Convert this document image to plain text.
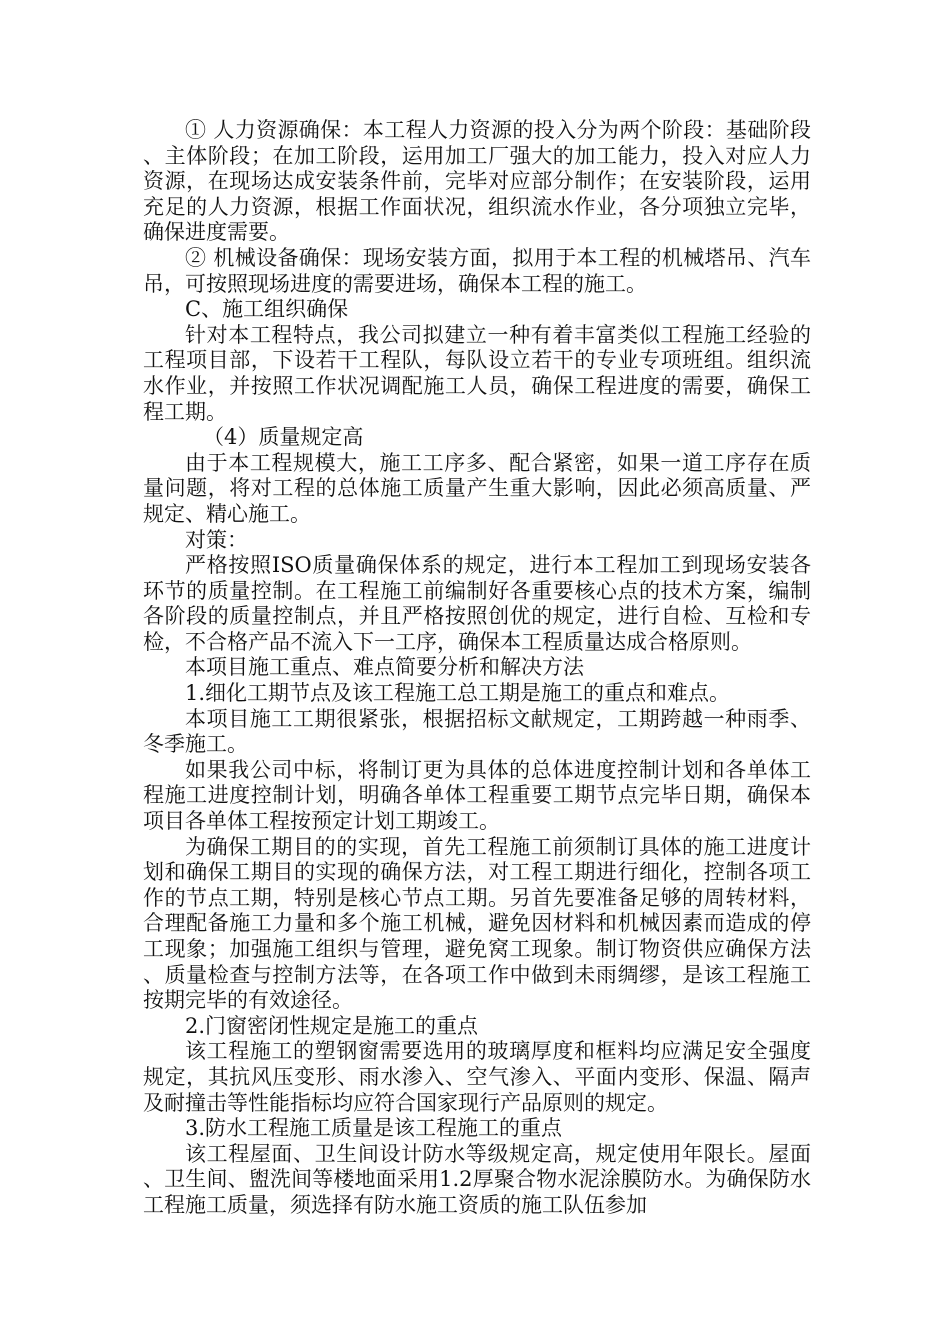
① 人力资源确保：本工程人力资源的投入分为两个阶段：基础阶段、主体阶段；在加工阶段，运用加工厂强大的加工能力，投入对应人力资源，在现场达成安装条件前，完毕对应部分制作；在安装阶段，运用充足的人力资源，根据工作面状况，组织流水作业，各分项独立完毕，确保进度需要。

② 机械设备确保：现场安装方面，拟用于本工程的机械塔吊、汽车吊，可按照现场进度的需要进场，确保本工程的施工。

C、施工组织确保

针对本工程特点，我公司拟建立一种有着丰富类似工程施工经验的工程项目部，下设若干工程队，每队设立若干的专业专项班组。组织流水作业，并按照工作状况调配施工人员，确保工程进度的需要，确保工程工期。

（4）质量规定高

由于本工程规模大，施工工序多、配合紧密，如果一道工序存在质量问题，将对工程的总体施工质量产生重大影响，因此必须高质量、严规定、精心施工。

对策：

严格按照ISO质量确保体系的规定，进行本工程加工到现场安装各环节的质量控制。在工程施工前编制好各重要核心点的技术方案，编制各阶段的质量控制点，并且严格按照创优的规定，进行自检、互检和专检，不合格产品不流入下一工序，确保本工程质量达成合格原则。

本项目施工重点、难点简要分析和解决方法

1.细化工期节点及该工程施工总工期是施工的重点和难点。

本项目施工工期很紧张，根据招标文献规定，工期跨越一种雨季、冬季施工。

如果我公司中标，将制订更为具体的总体进度控制计划和各单体工程施工进度控制计划，明确各单体工程重要工期节点完毕日期，确保本项目各单体工程按预定计划工期竣工。

为确保工期目的的实现，首先工程施工前须制订具体的施工进度计划和确保工期目的实现的确保方法，对工程工期进行细化，控制各项工作的节点工期，特别是核心节点工期。另首先要准备足够的周转材料，合理配备施工力量和多个施工机械，避免因材料和机械因素而造成的停工现象；加强施工组织与管理，避免窝工现象。制订物资供应确保方法、质量检查与控制方法等，在各项工作中做到未雨绸缪，是该工程施工按期完毕的有效途径。

2.门窗密闭性规定是施工的重点

该工程施工的塑钢窗需要选用的玻璃厚度和框料均应满足安全强度规定，其抗风压变形、雨水渗入、空气渗入、平面内变形、保温、隔声及耐撞击等性能指标均应符合国家现行产品原则的规定。

3.防水工程施工质量是该工程施工的重点

该工程屋面、卫生间设计防水等级规定高，规定使用年限长。屋面、卫生间、盥洗间等楼地面采用1.2厚聚合物水泥涂膜防水。为确保防水工程施工质量，须选择有防水施工资质的施工队伍参加
